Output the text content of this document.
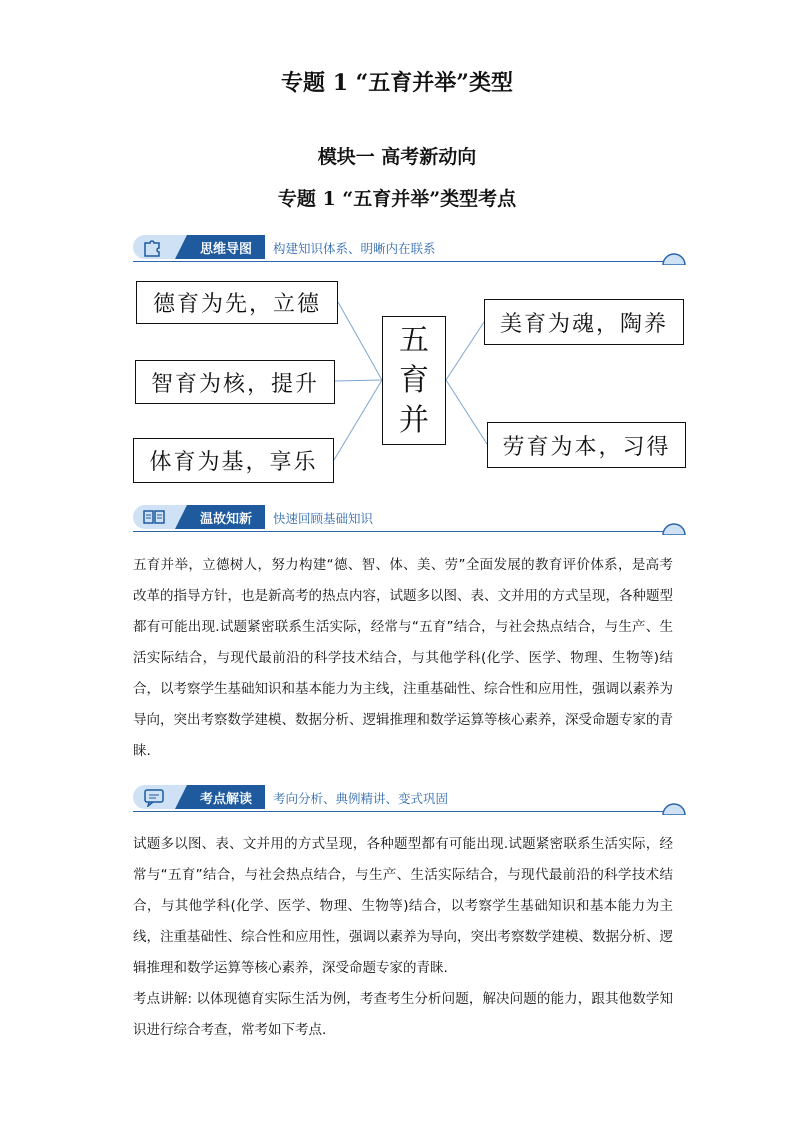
专题 1 “五育并举”类型
模块一 高考新动向
专题 1 “五育并举”类型考点
思维导图	构建知识体系、明晰内在联系
德育为先，立德
智育为核，提升
体育为基，享乐
五
育
并
美育为魂，陶养
劳育为本，习得
温故知新	快速回顾基础知识

五育并举，立德树人，努力构建“德、智、体、美、劳”全面发展的教育评价体系，是高考改革的指导方针，也是新高考的热点内容，试题多以图、表、文并用的方式呈现，各种题型都有可能出现.试题紧密联系生活实际，经常与“五育”结合，与社会热点结合，与生产、生活实际结合，与现代最前沿的科学技术结合，与其他学科(化学、医学、物理、生物等)结合，以考察学生基础知识和基本能力为主线，注重基础性、综合性和应用性，强调以素养为导向，突出考察数学建模、数据分析、逻辑推理和数学运算等核心素养，深受命题专家的青睐.

考点解读	考向分析、典例精讲、变式巩固

试题多以图、表、文并用的方式呈现，各种题型都有可能出现.试题紧密联系生活实际，经常与“五育”结合，与社会热点结合，与生产、生活实际结合，与现代最前沿的科学技术结合，与其他学科(化学、医学、物理、生物等)结合，以考察学生基础知识和基本能力为主线，注重基础性、综合性和应用性，强调以素养为导向，突出考察数学建模、数据分析、逻辑推理和数学运算等核心素养，深受命题专家的青睐.

考点讲解: 以体现德育实际生活为例，考查考生分析问题，解决问题的能力，跟其他数学知识进行综合考查，常考如下考点.
